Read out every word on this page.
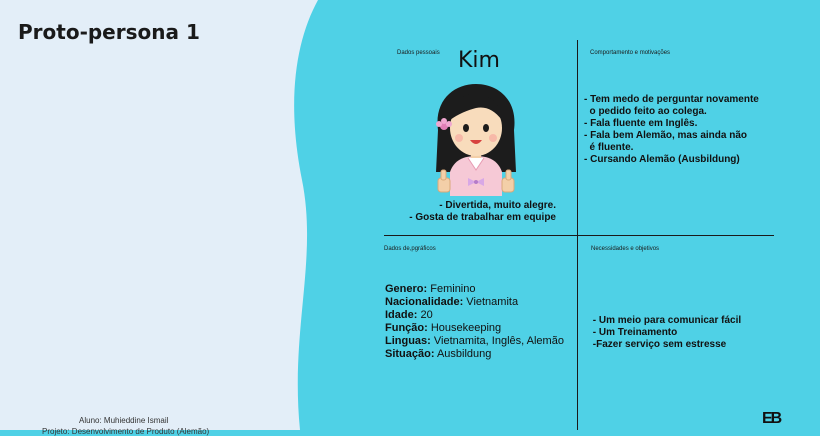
Proto-persona 1
Dados pessoais	Comportamento e motivações
Dados de,pgráficos	Necessidades e objetivos
Kim
- Divertida, muito alegre.
- Gosta de trabalhar em equipe
- Tem medo de perguntar novamente
o pedido feito ao colega.
- Fala fluente em Inglês.
- Fala bem Alemão, mas ainda não
é fluente.
- Cursando Alemão (Ausbildung)
Genero: Feminino
Nacionalidade: Vietnamita
Idade: 20
Função: Housekeeping
Linguas: Vietnamita, Inglês, Alemão
Situação: Ausbildung
- Um meio para comunicar fácil
- Um Treinamento
-Fazer serviço sem estresse
Aluno: Muhieddine Ismail
Projeto: Desenvolvimento de Produto (Alemão)
EB
